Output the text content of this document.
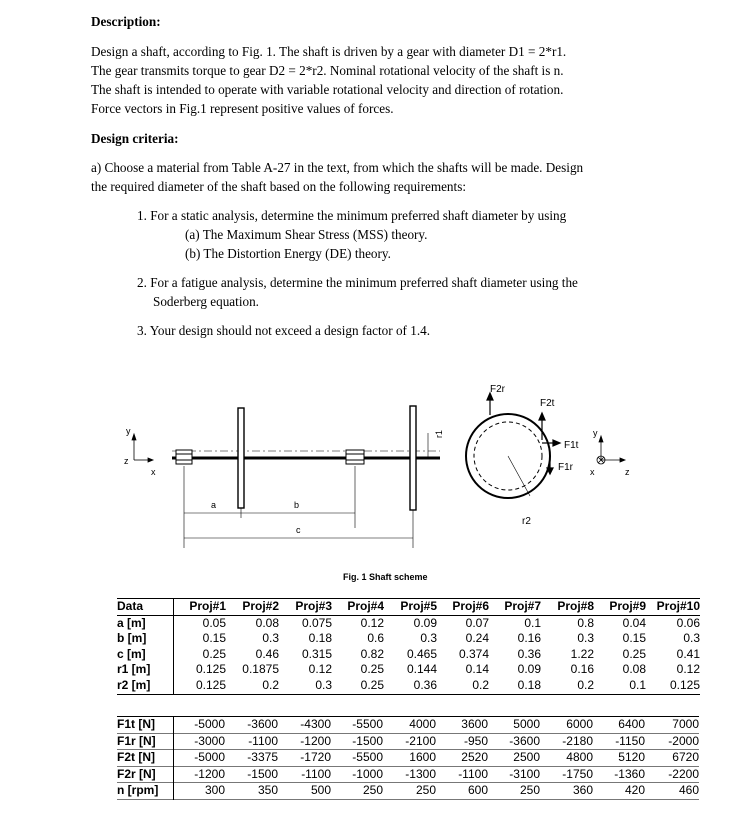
Description:
Design a shaft, according to Fig. 1. The shaft is driven by a gear with diameter D1 = 2*r1.
The gear transmits torque to gear D2 = 2*r2. Nominal rotational velocity of the shaft is n.
The shaft is intended to operate with variable rotational velocity and direction of rotation.
Force vectors in Fig.1 represent positive values of forces.
Design criteria:
a) Choose a material from Table A-27 in the text, from which the shafts will be made. Design
the required diameter of the shaft based on the following requirements:
1. For a static analysis, determine the minimum preferred shaft diameter by using
(a) The Maximum Shear Stress (MSS) theory.
(b) The Distortion Energy (DE) theory.
2. For a fatigue analysis, determine the minimum preferred shaft diameter using the
Soderberg equation.
3. Your design should not exceed a design factor of 1.4.
y
z
x
a	b
c
r1
r2
F2r
F2t
F1t
F1r
y
x	z
Fig. 1 Shaft scheme
Data	Proj#1	Proj#2	Proj#3	Proj#4	Proj#5	Proj#6	Proj#7	Proj#8	Proj#9	Proj#10
a [m]	0.05	0.08	0.075	0.12	0.09	0.07	0.1	0.8	0.04	0.06
b [m]	0.15	0.3	0.18	0.6	0.3	0.24	0.16	0.3	0.15	0.3
c [m]	0.25	0.46	0.315	0.82	0.465	0.374	0.36	1.22	0.25	0.41
r1 [m]	0.125	0.1875	0.12	0.25	0.144	0.14	0.09	0.16	0.08	0.12
r2 [m]	0.125	0.2	0.3	0.25	0.36	0.2	0.18	0.2	0.1	0.125
F1t [N]	-5000	-3600	-4300	-5500	4000	3600	5000	6000	6400	7000
F1r [N]	-3000	-1100	-1200	-1500	-2100	-950	-3600	-2180	-1150	-2000
F2t [N]	-5000	-3375	-1720	-5500	1600	2520	2500	4800	5120	6720
F2r [N]	-1200	-1500	-1100	-1000	-1300	-1100	-3100	-1750	-1360	-2200
n [rpm]	300	350	500	250	250	600	250	360	420	460
